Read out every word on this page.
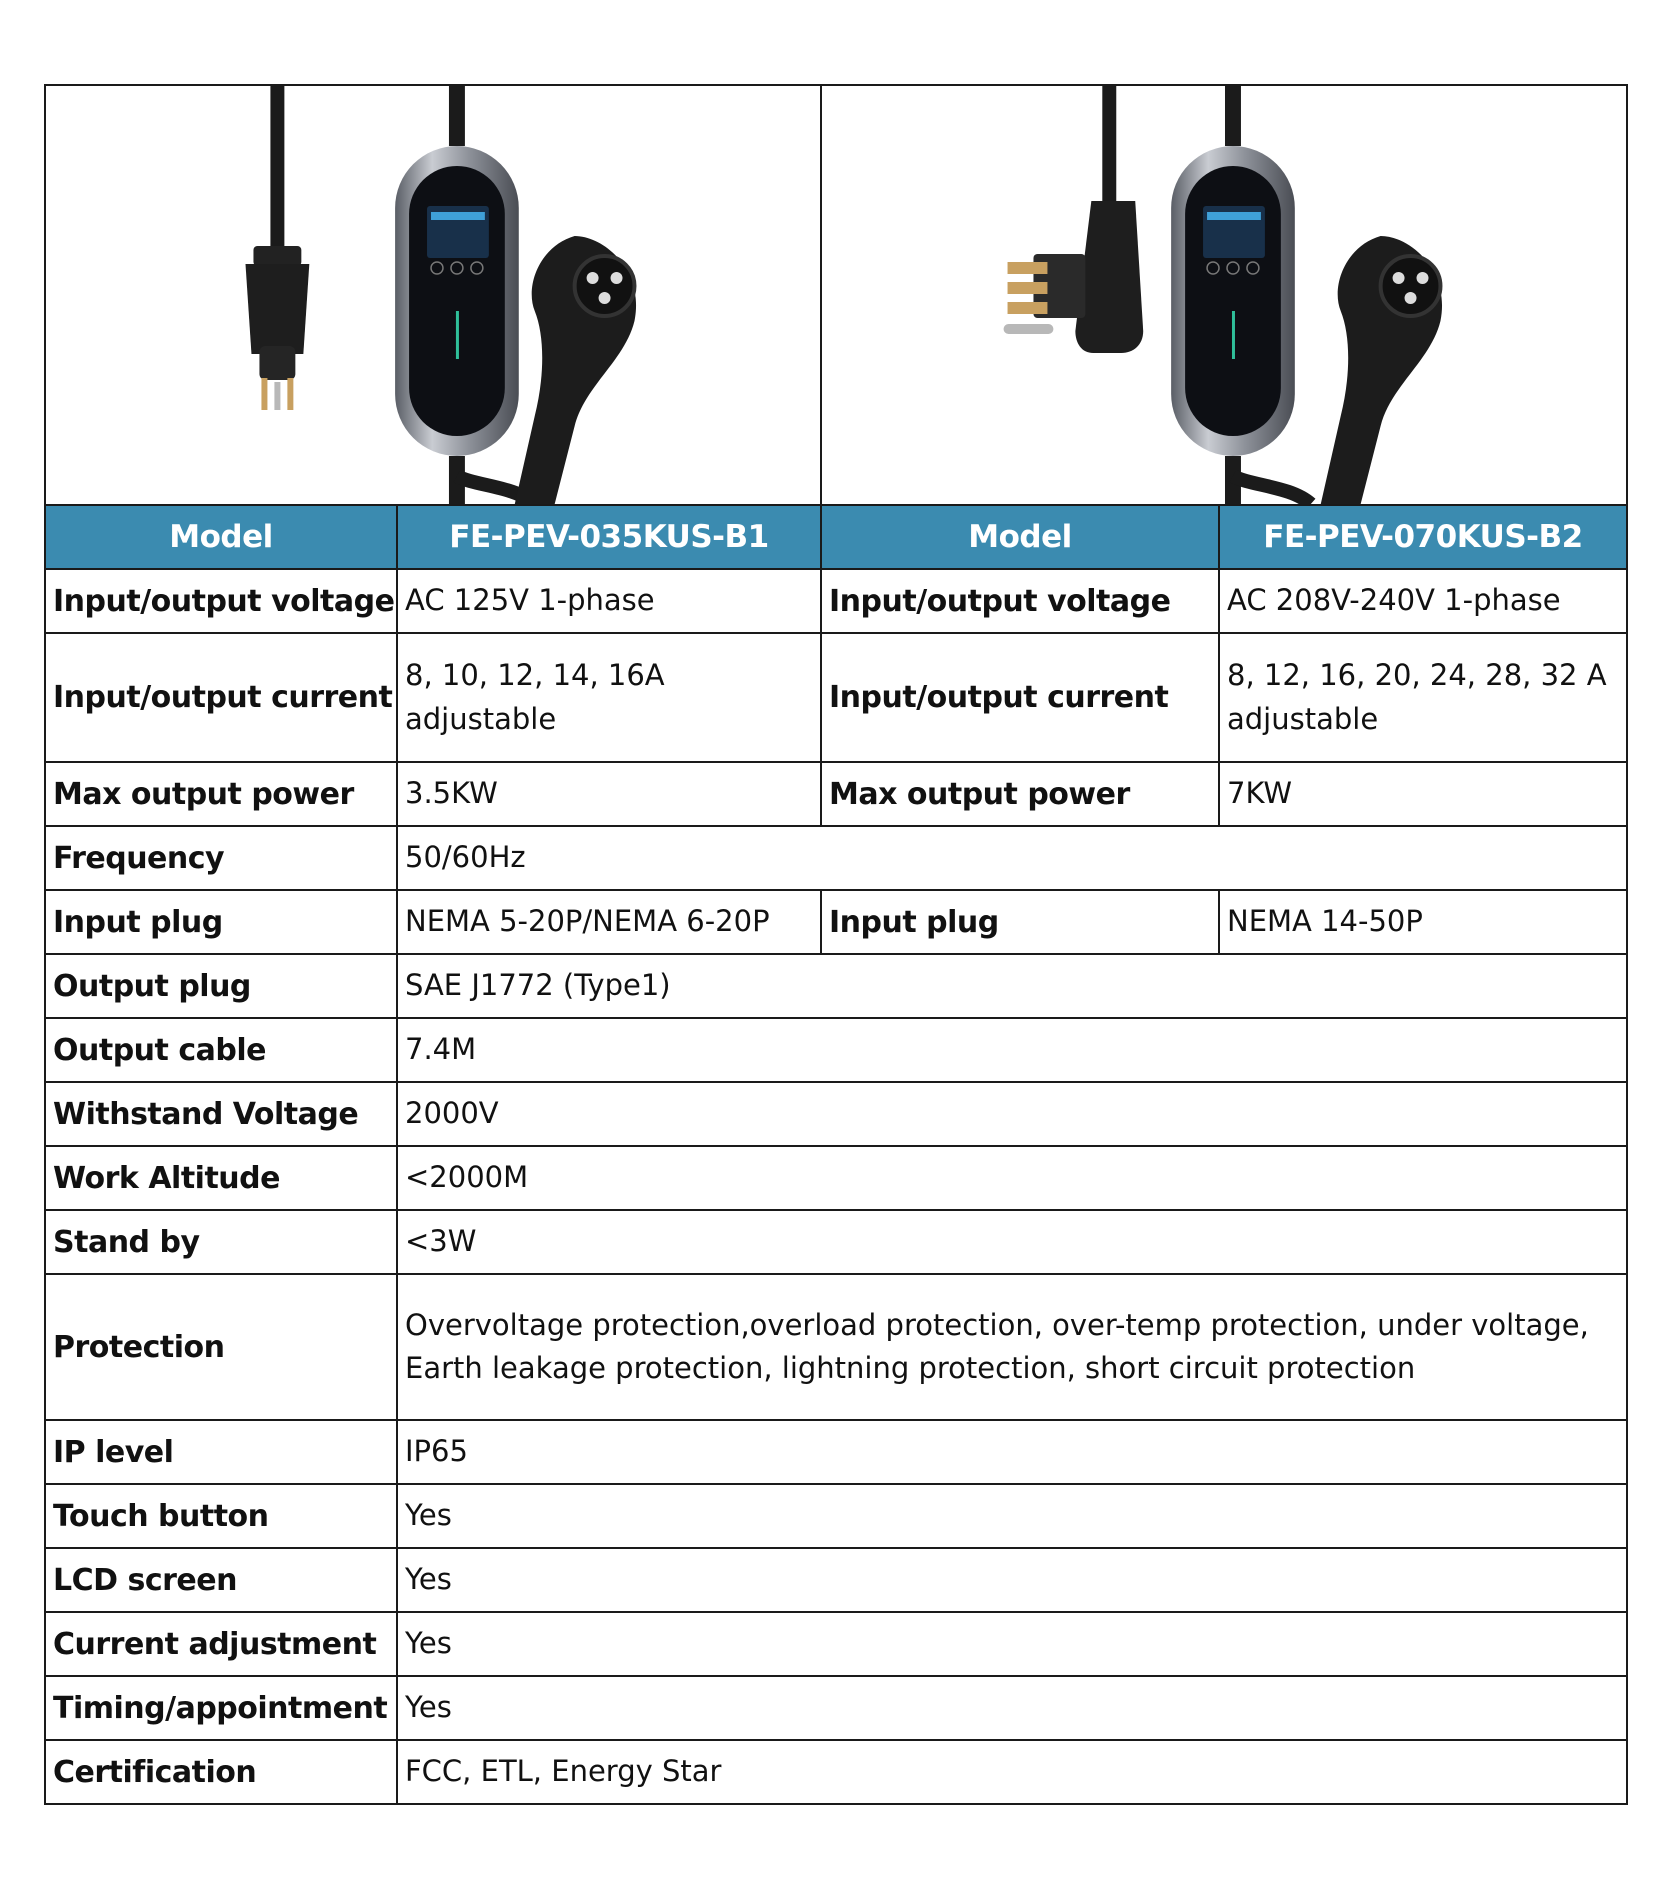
Model	FE-PEV-035KUS-B1	Model	FE-PEV-070KUS-B2
Input/output voltage	AC 125V 1-phase	Input/output voltage	AC 208V-240V 1-phase
Input/output current	8, 10, 12, 14, 16A adjustable	Input/output current	8, 12, 16, 20, 24, 28, 32 A adjustable
Max output power	3.5KW	Max output power	7KW
Frequency	50/60Hz		
Input plug	NEMA 5-20P/NEMA 6-20P	Input plug	NEMA 14-50P
Output plug	SAE J1772 (Type1)		
Output cable	7.4M		
Withstand Voltage	2000V		
Work Altitude	<2000M		
Stand by	<3W		
Protection	Overvoltage protection,overload protection, over-temp protection, under voltage, Earth leakage protection, lightning protection, short circuit protection		
IP level	IP65		
Touch button	Yes		
LCD screen	Yes		
Current adjustment	Yes		
Timing/appointment	Yes		
Certification	FCC, ETL, Energy Star		
